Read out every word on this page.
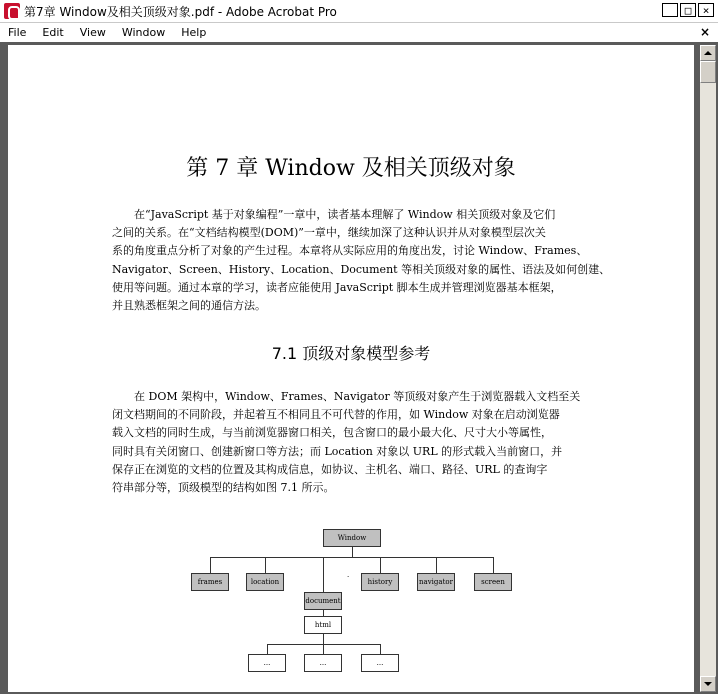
第7章 Window及相关顶级对象.pdf - Adobe Acrobat Pro	_	□	×
File	Edit	View	Window	Help	×
第 7 章 Window 及相关顶级对象
在“JavaScript 基于对象编程”一章中，读者基本理解了 Window 相关顶级对象及它们
之间的关系。在“文档结构模型(DOM)”一章中，继续加深了这种认识并从对象模型层次关
系的角度重点分析了对象的产生过程。本章将从实际应用的角度出发，讨论 Window、Frames、
Navigator、Screen、History、Location、Document 等相关顶级对象的属性、语法及如何创建、
使用等问题。通过本章的学习，读者应能使用 JavaScript 脚本生成并管理浏览器基本框架，
并且熟悉框架之间的通信方法。
7.1 顶级对象模型参考
在 DOM 架构中，Window、Frames、Navigator 等顶级对象产生于浏览器载入文档至关
闭文档期间的不同阶段，并起着互不相同且不可代替的作用，如 Window 对象在启动浏览器
载入文档的同时生成，与当前浏览器窗口相关，包含窗口的最小最大化、尺寸大小等属性，
同时具有关闭窗口、创建新窗口等方法；而 Location 对象以 URL 的形式载入当前窗口，并
保存正在浏览的文档的位置及其构成信息，如协议、主机名、端口、路径、URL 的查询字
符串部分等，顶级模型的结构如图 7.1 所示。
Window
frames	location
.
history	navigator	screen
document
html
...	...	...
